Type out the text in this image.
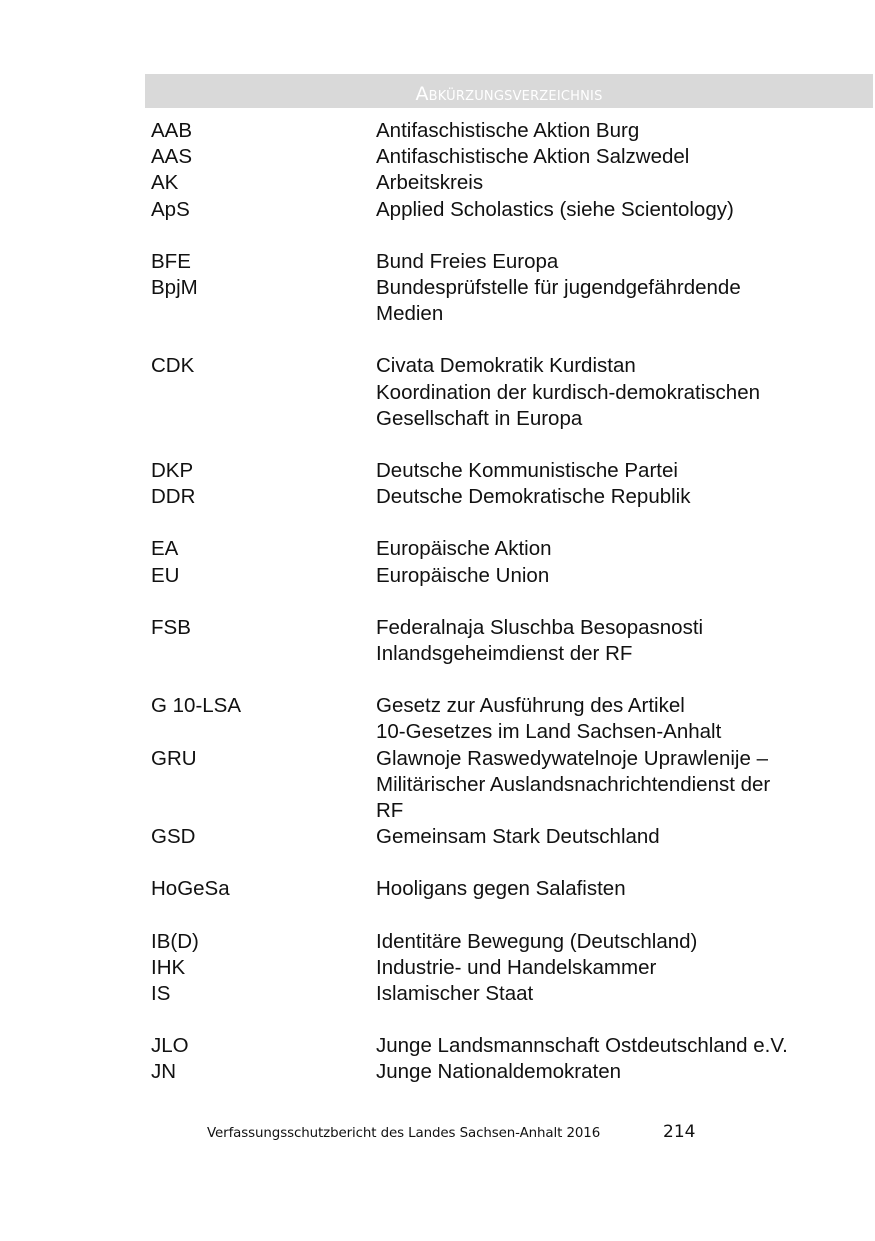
Abkürzungsverzeichnis
AAB	Antifaschistische Aktion Burg
AAS	Antifaschistische Aktion Salzwedel
AK	Arbeitskreis
ApS	Applied Scholastics (siehe Scientology)
BFE	Bund Freies Europa
BpjM	Bundesprüfstelle für jugendgefährdende
Medien
CDK	Civata Demokratik Kurdistan
Koordination der kurdisch-demokratischen
Gesellschaft in Europa
DKP	Deutsche Kommunistische Partei
DDR	Deutsche Demokratische Republik
EA	Europäische Aktion
EU	Europäische Union
FSB	Federalnaja Sluschba Besopasnosti
Inlandsgeheimdienst der RF
G 10-LSA	Gesetz zur Ausführung des Artikel
10-Gesetzes im Land Sachsen-Anhalt
GRU	Glawnoje Raswedywatelnoje Uprawlenije –
Militärischer Auslandsnachrichtendienst der
RF
GSD	Gemeinsam Stark Deutschland
HoGeSa	Hooligans gegen Salafisten
IB(D)	Identitäre Bewegung (Deutschland)
IHK	Industrie- und Handelskammer
IS	Islamischer Staat
JLO	Junge Landsmannschaft Ostdeutschland e.V.
JN	Junge Nationaldemokraten
Verfassungsschutzbericht des Landes Sachsen-Anhalt 2016	214
